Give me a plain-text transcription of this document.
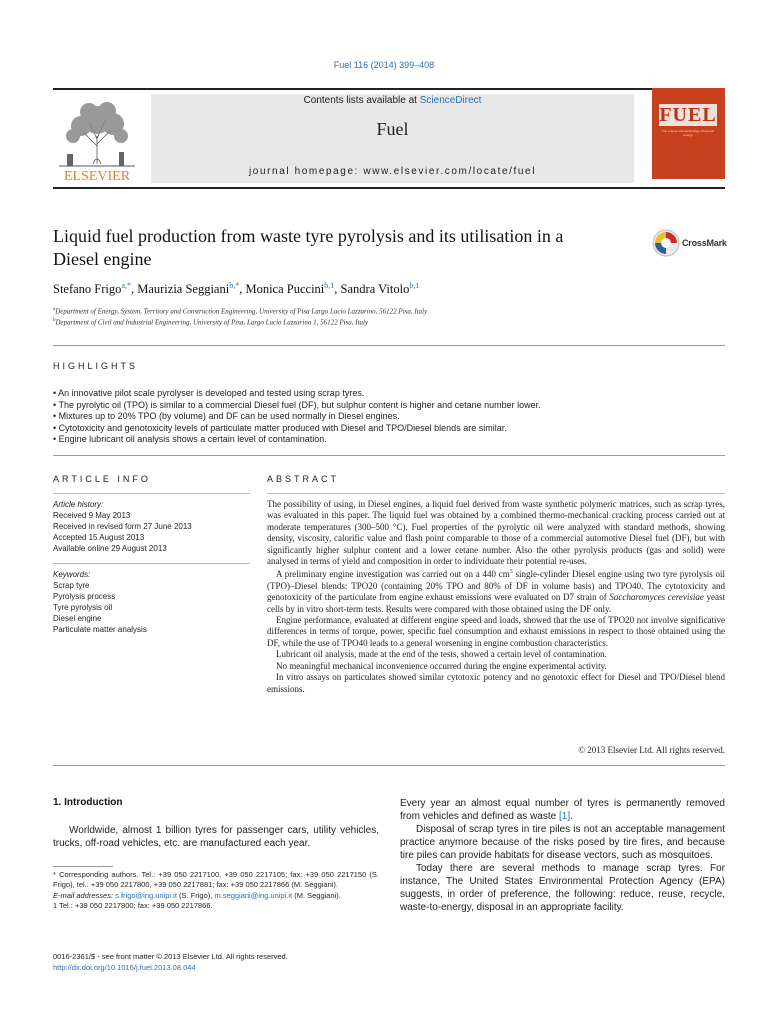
Fuel 116 (2014) 399–408
ELSEVIER
Contents lists available at ScienceDirect
Fuel
journal homepage: www.elsevier.com/locate/fuel
FUEL
The science and technology of fuel and energy
Liquid fuel production from waste tyre pyrolysis and its utilisation in a Diesel engine
CrossMark
Stefano Frigo$^{a,*}$, Maurizia Seggiani$^{b,*}$, Monica Puccini$^{b,1}$, Sandra Vitolo$^{b,1}$
$^a$Department of Energy, System, Territory and Construction Engineering, University of Pisa Largo Lucio Lazzarino, 56122 Pisa, Italy
$^b$Department of Civil and Industrial Engineering, University of Pisa, Largo Lucio Lazzarino 1, 56122 Pisa, Italy
HIGHLIGHTS
• An innovative pilot scale pyrolyser is developed and tested using scrap tyres.
• The pyrolytic oil (TPO) is similar to a commercial Diesel fuel (DF), but sulphur content is higher and cetane number lower.
• Mixtures up to 20% TPO (by volume) and DF can be used normally in Diesel engines.
• Cytotoxicity and genotoxicity levels of particulate matter produced with Diesel and TPO/Diesel blends are similar.
• Engine lubricant oil analysis shows a certain level of contamination.
ARTICLE INFO
Article history:
Received 9 May 2013
Received in revised form 27 June 2013
Accepted 15 August 2013
Available online 29 August 2013
Keywords:
Scrap tyre
Pyrolysis process
Tyre pyrolysis oil
Diesel engine
Particulate matter analysis
ABSTRACT

The possibility of using, in Diesel engines, a liquid fuel derived from waste synthetic polymeric matrices, such as scrap tyres, was evaluated in this paper. The liquid fuel was obtained by a combined thermo-mechanical cracking process carried out at moderate temperatures (300–500 °C). Fuel properties of the pyrolytic oil were analyzed with standard methods, showing density, viscosity, calorific value and flash point comparable to those of a commercial automotive Diesel fuel (DF), but with significantly higher sulphur content and a lower cetane number. Also the other pyrolysis products (gas and solid) were analysed in terms of yield and composition in order to individuate their potential re-uses.

A preliminary engine investigation was carried out on a 440 $cm^3$ single-cylinder Diesel engine using two tyre pyrolysis oil (TPO)–Diesel blends: TPO20 (containing 20% TPO and 80% of DF in volume basis) and TPO40. The cytotoxicity and genotoxicity of the particulate from engine exhaust emissions were evaluated on D7 strain of Saccharomyces cerevisiae yeast cells by in vitro short-term tests. Results were compared with those obtained using the DF only.

Engine performance, evaluated at different engine speed and loads, showed that the use of TPO20 not involve significative differences in terms of torque, power, specific fuel consumption and exhaust emissions in respect to those obtained using the DF, while the use of TPO40 leads to a general worsening in engine combustion characteristics.

Lubricant oil analysis, made at the end of the tests, showed a certain level of contamination.

No meaningful mechanical inconvenience occurred during the engine experimental activity.

In vitro assays on particulates showed similar cytotoxic potency and no genotoxic effect for Diesel and TPO/Diesel blend emissions.

© 2013 Elsevier Ltd. All rights reserved.
1. Introduction
Worldwide, almost 1 billion tyres for passenger cars, utility vehicles, trucks, off-road vehicles, etc. are manufactured each year.
* Corresponding authors. Tel.: +39 050 2217100, +39 050 2217105; fax: +39 050 2217150 (S. Frigo), tel.: +39 050 2217800, +39 050 2217881; fax: +39 050 2217866 (M. Seggiani).
E-mail addresses: s.frigo@ing.unipi.it (S. Frigo), m.seggiani@ing.unipi.it (M. Seggiani).
1 Tel.: +39 050 2217800; fax: +39 050 2217866.
0016-2361/$ - see front matter © 2013 Elsevier Ltd. All rights reserved.
http://dx.doi.org/10.1016/j.fuel.2013.08.044

Every year an almost equal number of tyres is permanently removed from vehicles and defined as waste [1].

Disposal of scrap tyres in tire piles is not an acceptable management practice anymore because of the risks posed by tire fires, and because tire piles can provide habitats for disease vectors, such as mosquitoes.

Today there are several methods to manage scrap tyres. For instance, The United States Environmental Protection Agency (EPA) suggests, in order of preference, the following: reduce, reuse, recycle, waste-to-energy, disposal in an appropriate facility.
